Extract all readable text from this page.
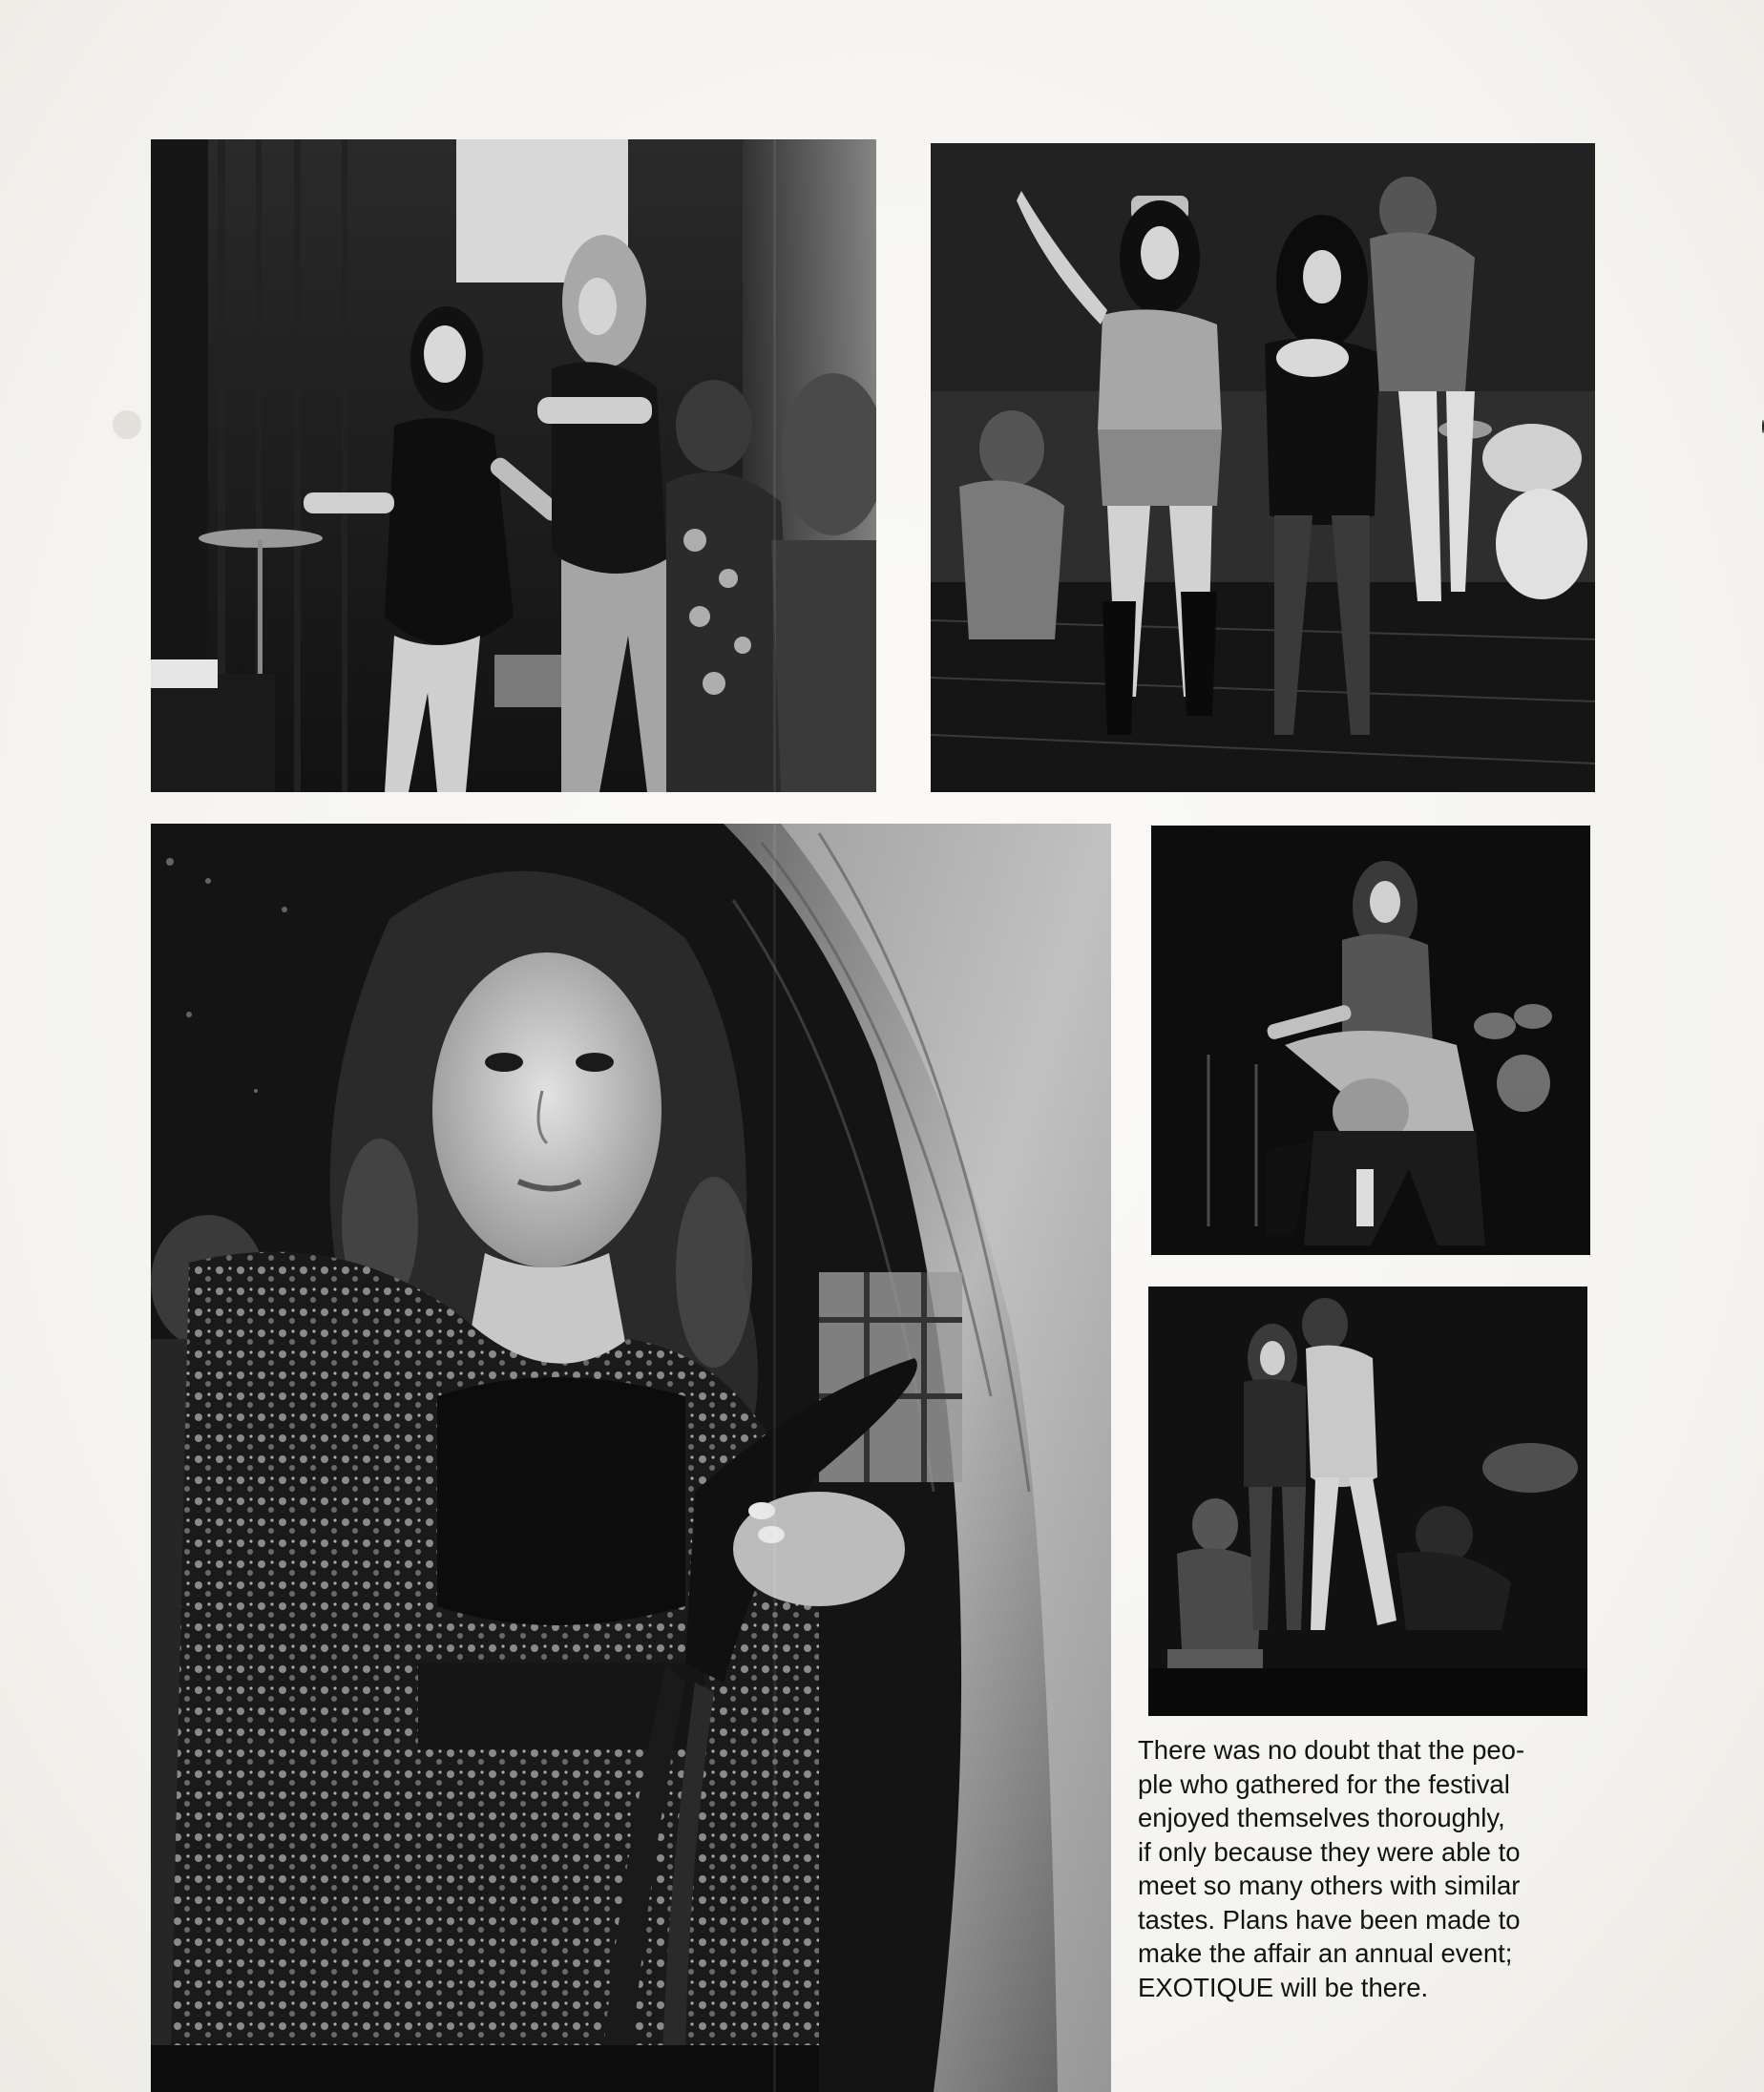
There was no doubt that the peo-
ple who gathered for the festival
enjoyed themselves thoroughly,
if only because they were able to
meet so many others with similar
tastes. Plans have been made to
make the affair an annual event;
EXOTIQUE will be there.
